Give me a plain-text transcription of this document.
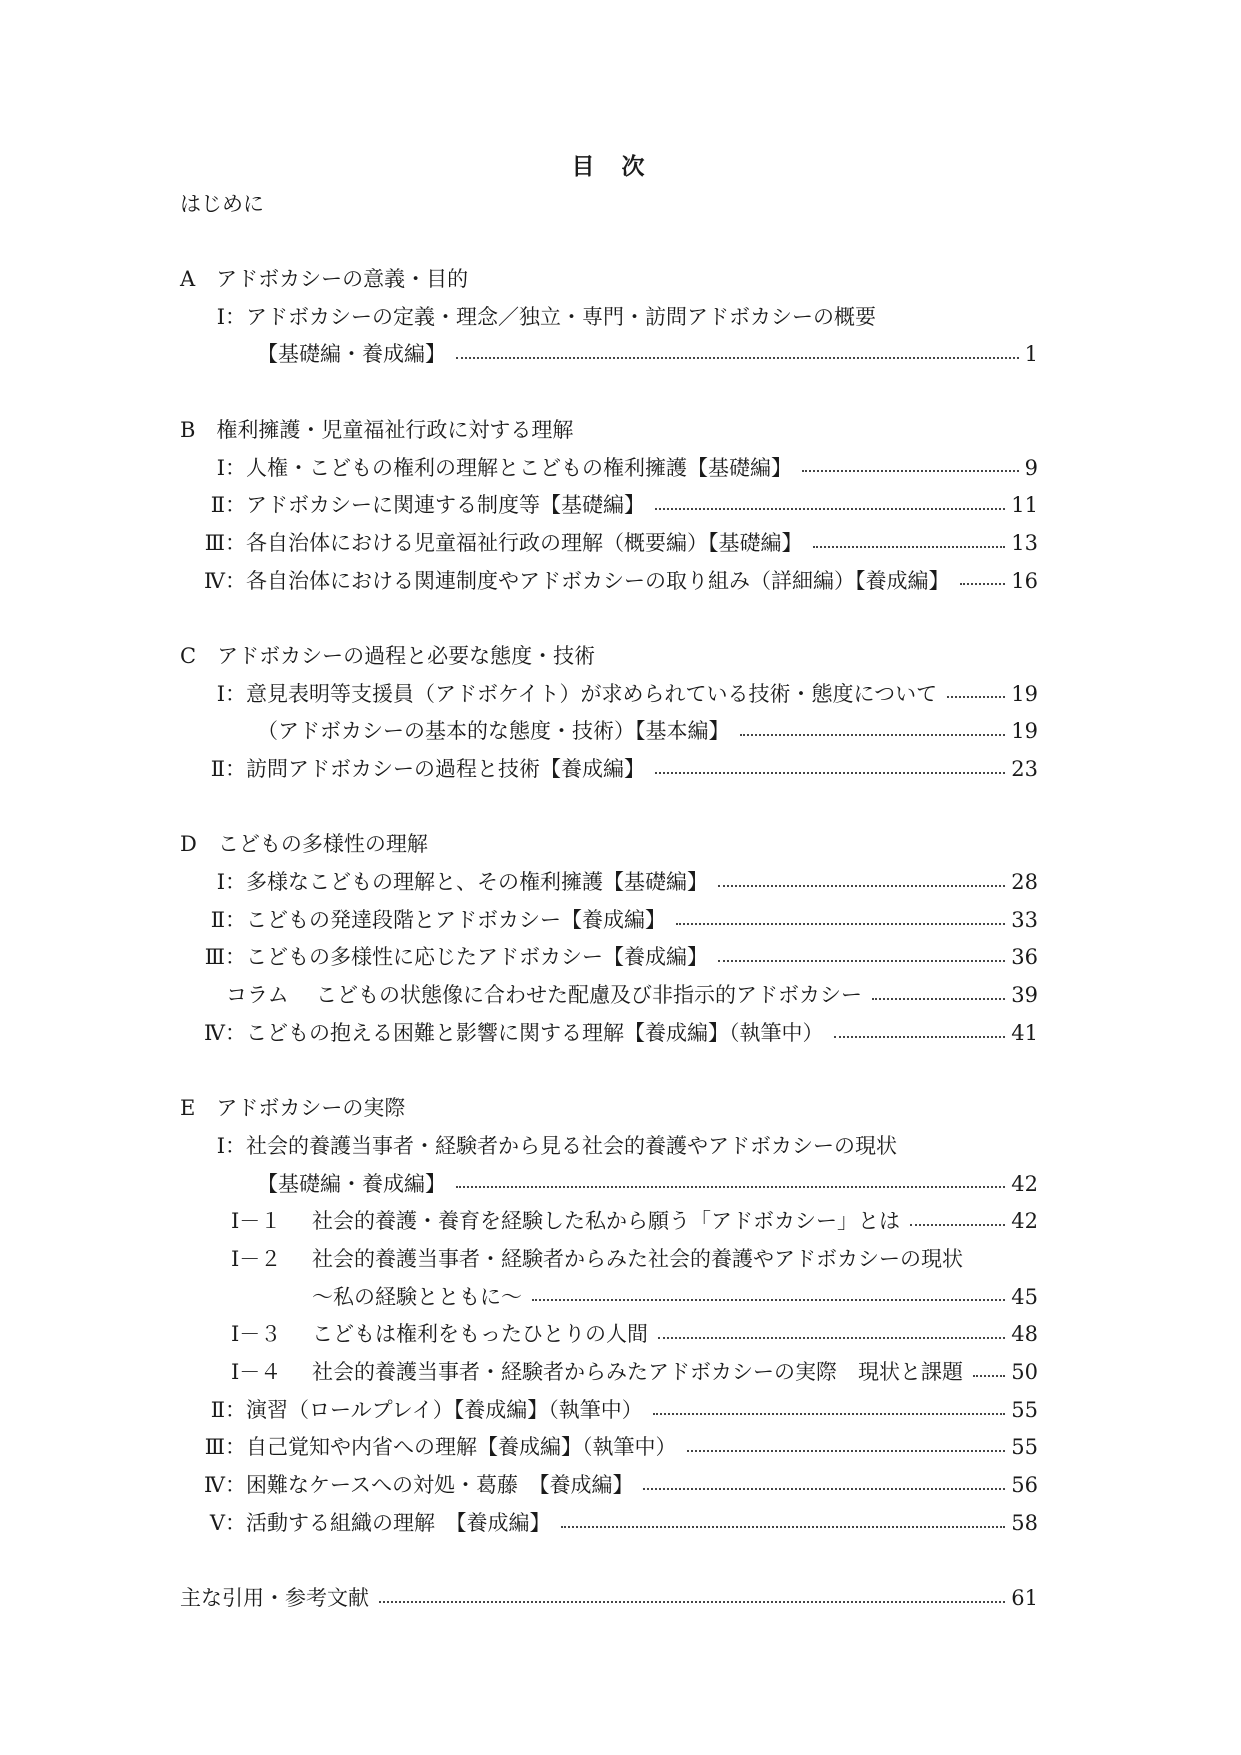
目　次
はじめに
A　アドボカシーの意義・目的
Ⅰ： アドボカシーの定義・理念／独立・専門・訪問アドボカシーの概要
【基礎編・養成編】	1
B　権利擁護・児童福祉行政に対する理解
Ⅰ： 人権・こどもの権利の理解とこどもの権利擁護【基礎編】	9
Ⅱ： アドボカシーに関連する制度等【基礎編】	11
Ⅲ： 各自治体における児童福祉行政の理解（概要編）【基礎編】	13
Ⅳ： 各自治体における関連制度やアドボカシーの取り組み（詳細編）【養成編】	16
C　アドボカシーの過程と必要な態度・技術
Ⅰ： 意見表明等支援員（アドボケイト）が求められている技術・態度について	19
（アドボカシーの基本的な態度・技術）【基本編】	19
Ⅱ： 訪問アドボカシーの過程と技術【養成編】	23
D　こどもの多様性の理解
Ⅰ： 多様なこどもの理解と、その権利擁護【基礎編】	28
Ⅱ： こどもの発達段階とアドボカシー【養成編】	33
Ⅲ： こどもの多様性に応じたアドボカシー【養成編】	36
コラム	こどもの状態像に合わせた配慮及び非指示的アドボカシー	39
Ⅳ： こどもの抱える困難と影響に関する理解【養成編】（執筆中）	41
E　アドボカシーの実際
Ⅰ： 社会的養護当事者・経験者から見る社会的養護やアドボカシーの現状
【基礎編・養成編】	42
Ⅰ－１	社会的養護・養育を経験した私から願う「アドボカシー」とは	42
Ⅰ－２	社会的養護当事者・経験者からみた社会的養護やアドボカシーの現状
～私の経験とともに～	45
Ⅰ－３	こどもは権利をもったひとりの人間	48
Ⅰ－４	社会的養護当事者・経験者からみたアドボカシーの実際　現状と課題 50
Ⅱ： 演習（ロールプレイ）【養成編】（執筆中）	55
Ⅲ： 自己覚知や内省への理解【養成編】（執筆中）	55
Ⅳ： 困難なケースへの対処・葛藤　【養成編】	56
Ⅴ： 活動する組織の理解　【養成編】	58
主な引用・参考文献	61
